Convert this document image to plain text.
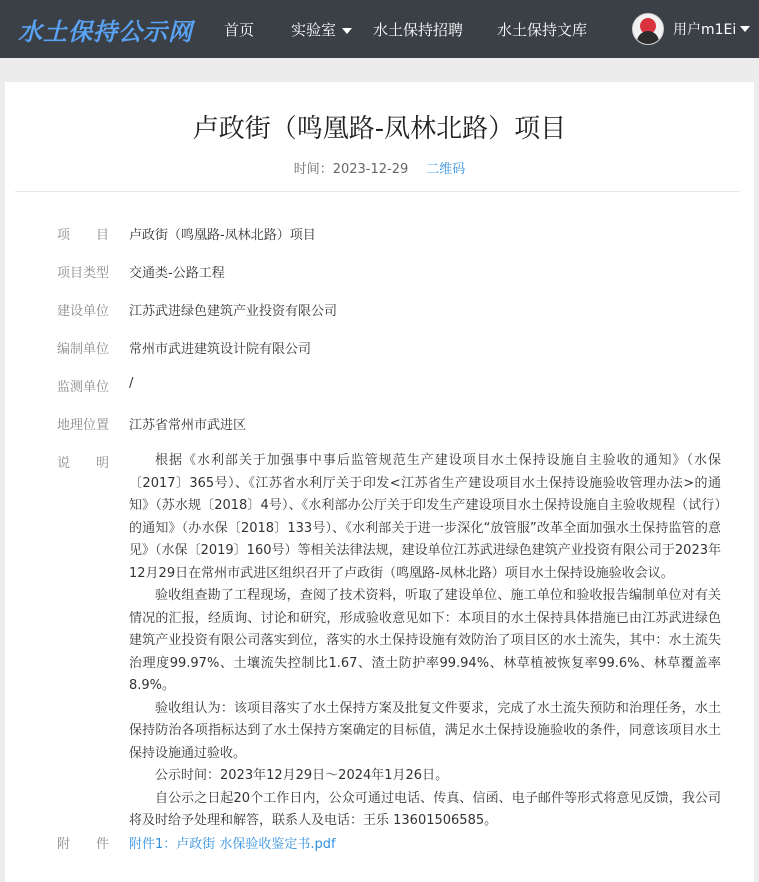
水土保持公示网 首页 实验室	水土保持招聘 水土保持文库	用户m1Ei
卢政街（鸣凰路-凤林北路）项目
时间：2023-12-29 二维码
项　　目 卢政街（鸣凰路-凤林北路）项目
项目类型 交通类-公路工程
建设单位 江苏武进绿色建筑产业投资有限公司
编制单位 常州市武进建筑设计院有限公司
监测单位 /
地理位置 江苏省常州市武进区
说　　明	根据《水利部关于加强事中事后监管规范生产建设项目水土保持设施自主验收的通知》（水保〔2017〕365号）、《江苏省水利厅关于印发<江苏省生产建设项目水土保持设施验收管理办法>的通知》（苏水规〔2018〕4号）、《水利部办公厅关于印发生产建设项目水土保持设施自主验收规程（试行）的通知》（办水保〔2018〕133号）、《水利部关于进一步深化“放管服”改革全面加强水土保持监管的意见》（水保〔2019〕160号）等相关法律法规，建设单位江苏武进绿色建筑产业投资有限公司于2023年12月29日在常州市武进区组织召开了卢政街（鸣凰路-凤林北路）项目水土保持设施验收会议。

验收组查勘了工程现场，查阅了技术资料，听取了建设单位、施工单位和验收报告编制单位对有关情况的汇报，经质询、讨论和研究，形成验收意见如下：本项目的水土保持具体措施已由江苏武进绿色建筑产业投资有限公司落实到位，落实的水土保持设施有效防治了项目区的水土流失，其中：水土流失治理度99.97%、土壤流失控制比1.67、渣土防护率99.94%、林草植被恢复率99.6%、林草覆盖率8.9%。

验收组认为：该项目落实了水土保持方案及批复文件要求，完成了水土流失预防和治理任务，水土保持防治各项指标达到了水土保持方案确定的目标值，满足水土保持设施验收的条件，同意该项目水土保持设施通过验收。

公示时间：2023年12月29日～2024年1月26日。

自公示之日起20个工作日内，公众可通过电话、传真、信函、电子邮件等形式将意见反馈，我公司将及时给予处理和解答，联系人及电话：王乐 13601506585。

附　　件 附件1：卢政街 水保验收鉴定书.pdf
